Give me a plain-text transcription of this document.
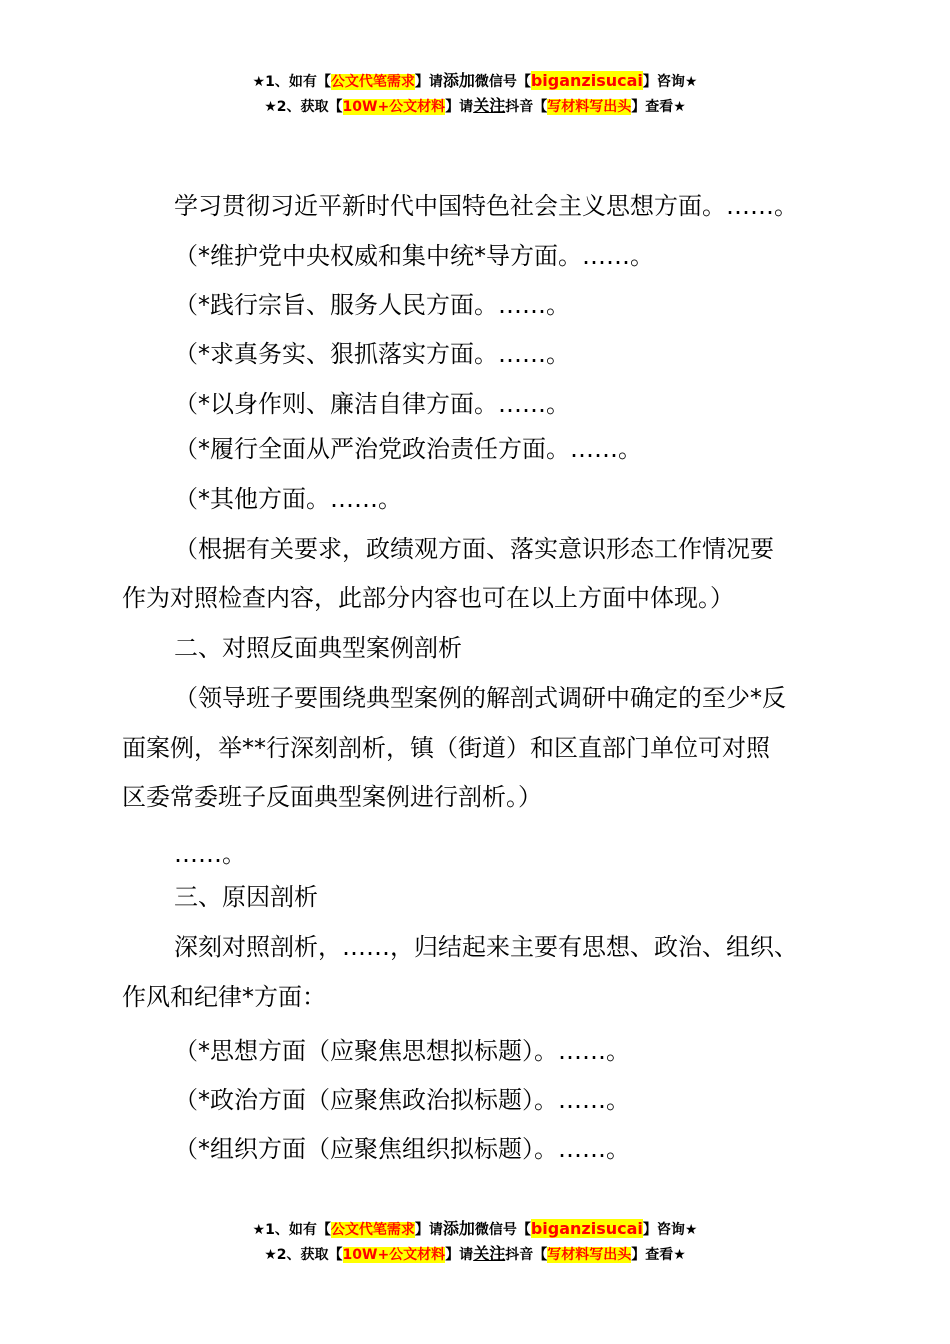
★1、如有【公文代笔需求】请添加微信号【biganzisucai】咨询★
★2、获取【10W+公文材料】请关注抖音【写材料写出头】查看★
学习贯彻习近平新时代中国特色社会主义思想方面。……。
（*维护党中央权威和集中统*导方面。……。
（*践行宗旨、服务人民方面。……。
（*求真务实、狠抓落实方面。……。
（*以身作则、廉洁自律方面。……。
（*履行全面从严治党政治责任方面。……。
（*其他方面。……。
（根据有关要求，政绩观方面、落实意识形态工作情况要
作为对照检查内容，此部分内容也可在以上方面中体现。）
二、对照反面典型案例剖析
（领导班子要围绕典型案例的解剖式调研中确定的至少*反
面案例，举**行深刻剖析，镇（街道）和区直部门单位可对照
区委常委班子反面典型案例进行剖析。）
……。
三、原因剖析
深刻对照剖析，……，归结起来主要有思想、政治、组织、
作风和纪律*方面：
（*思想方面（应聚焦思想拟标题）。……。
（*政治方面（应聚焦政治拟标题）。……。
（*组织方面（应聚焦组织拟标题）。……。
★1、如有【公文代笔需求】请添加微信号【biganzisucai】咨询★
★2、获取【10W+公文材料】请关注抖音【写材料写出头】查看★
